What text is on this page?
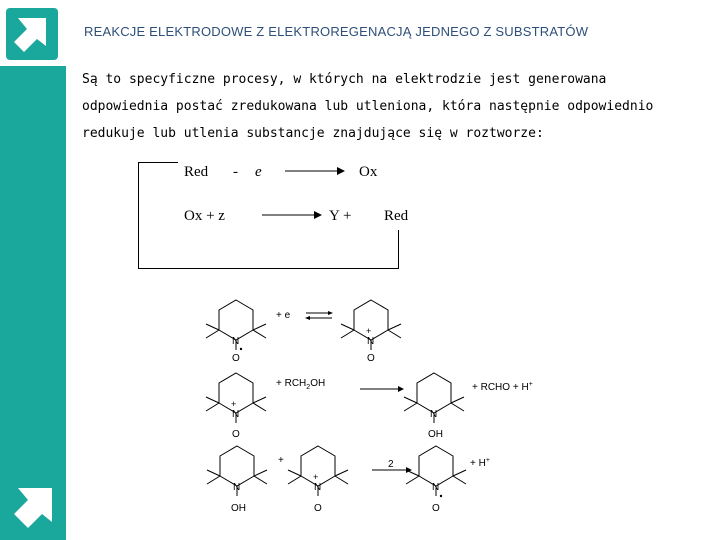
REAKCJE ELEKTRODOWE Z ELEKTROREGENACJĄ JEDNEGO Z SUBSTRATÓW
Są to specyficzne procesy, w których na elektrodzie jest generowana
odpowiednia postać zredukowana lub utleniona, która następnie odpowiednio
redukuje lub utlenia substancje znajdujące się w roztworze:
Red - e	Ox
Ox + z	Y + Red
N
O
+ e
N
+
O
N
+
O
+ $RCH_2OH$
N
OH
+ RCHO + H+
N
OH
+
N
+
O
2
N
O
+ H+
